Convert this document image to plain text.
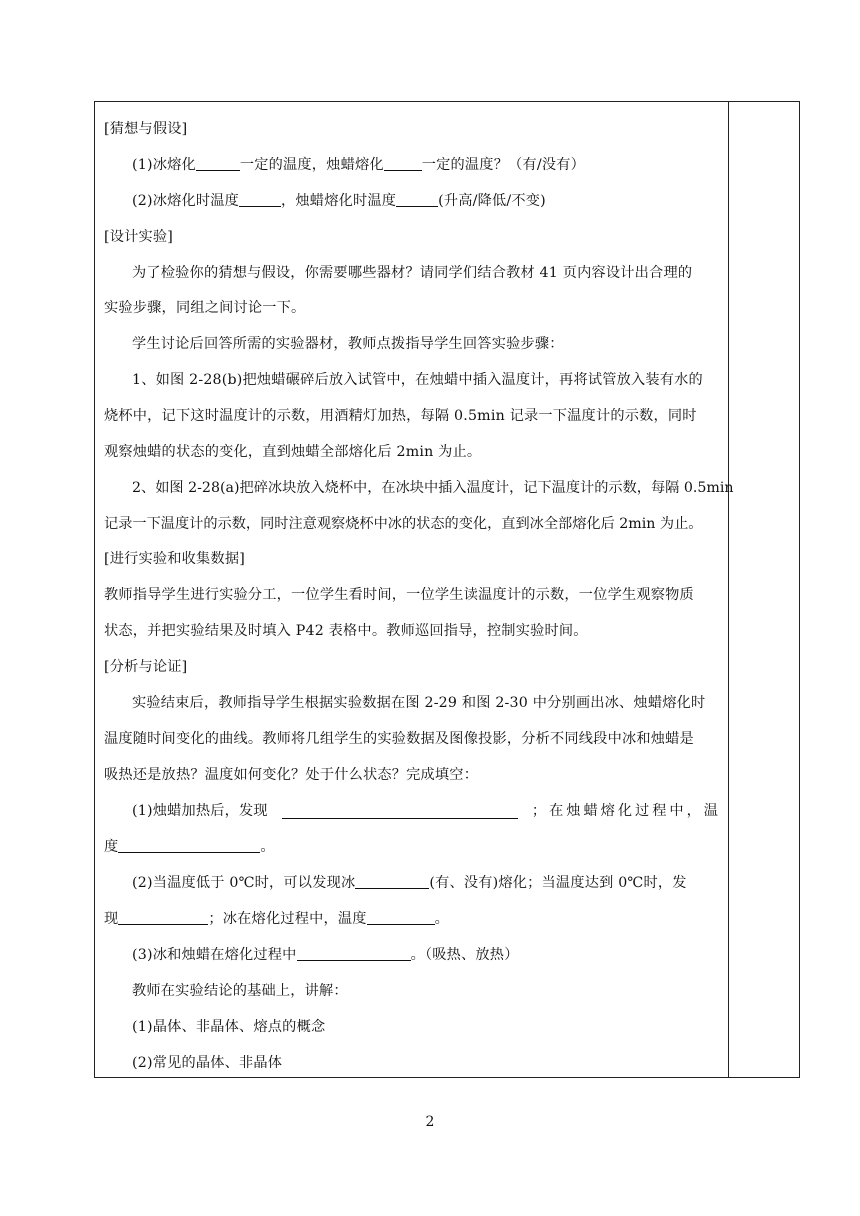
[猜想与假设]
(1)冰熔化	一定的温度，烛蜡熔化	一定的温度？（有/没有）
(2)冰熔化时温度	，烛蜡熔化时温度	(升高/降低/不变)
[设计实验]
为了检验你的猜想与假设，你需要哪些器材？请同学们结合教材 41 页内容设计出合理的
实验步骤，同组之间讨论一下。
学生讨论后回答所需的实验器材，教师点拨指导学生回答实验步骤：
1、如图 2-28(b)把烛蜡碾碎后放入试管中，在烛蜡中插入温度计，再将试管放入装有水的
烧杯中，记下这时温度计的示数，用酒精灯加热，每隔 0.5min 记录一下温度计的示数，同时
观察烛蜡的状态的变化，直到烛蜡全部熔化后 2min 为止。
2、如图 2-28(a)把碎冰块放入烧杯中，在冰块中插入温度计，记下温度计的示数，每隔 0.5min
记录一下温度计的示数，同时注意观察烧杯中冰的状态的变化，直到冰全部熔化后 2min 为止。
[进行实验和收集数据]
教师指导学生进行实验分工，一位学生看时间，一位学生读温度计的示数，一位学生观察物质
状态，并把实验结果及时填入 P42 表格中。教师巡回指导，控制实验时间。
[分析与论证]
实验结束后，教师指导学生根据实验数据在图 2-29 和图 2-30 中分别画出冰、烛蜡熔化时
温度随时间变化的曲线。教师将几组学生的实验数据及图像投影，分析不同线段中冰和烛蜡是
吸热还是放热？温度如何变化？处于什么状态？完成填空：
(1)烛蜡加热后，发现	；在烛蜡熔化过程中，温
度	。
(2)当温度低于 0℃时，可以发现冰	(有、没有)熔化；当温度达到 0℃时，发
现	；冰在熔化过程中，温度	。
(3)冰和烛蜡在熔化过程中	。（吸热、放热）
教师在实验结论的基础上，讲解：
(1)晶体、非晶体、熔点的概念
(2)常见的晶体、非晶体
2
